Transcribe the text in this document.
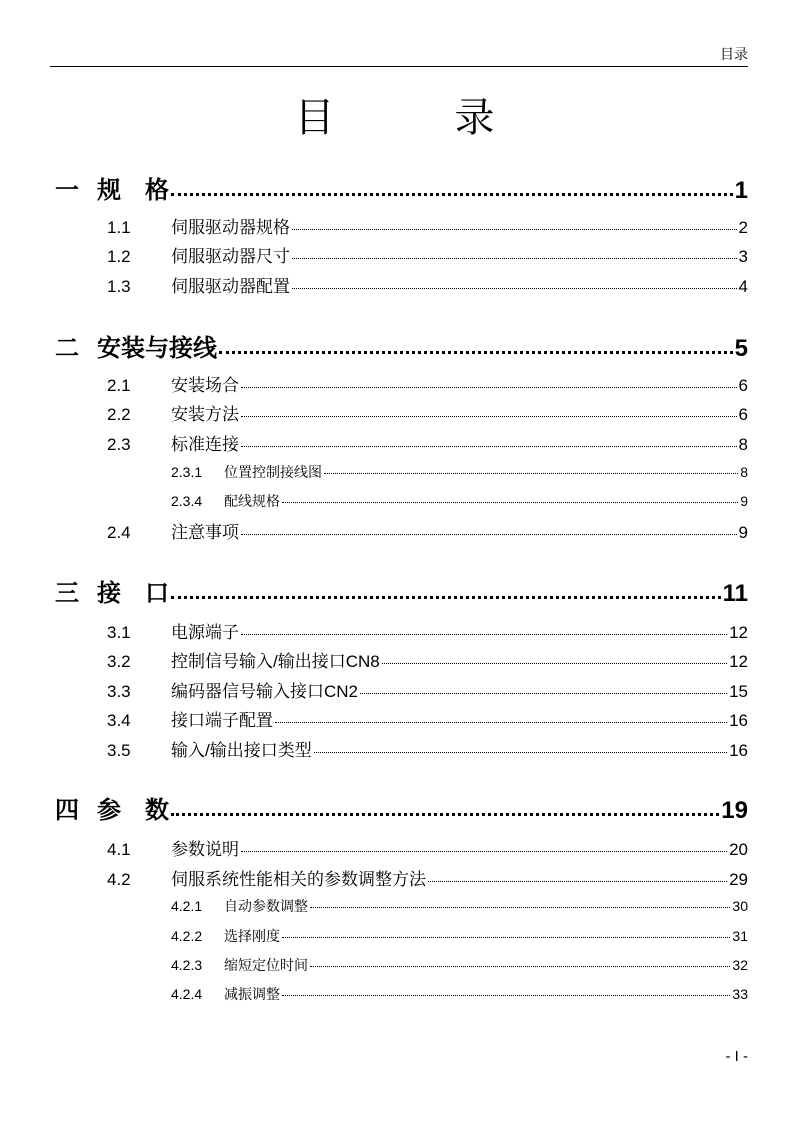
目录
目　录
一 规　格	1
1.1	伺服驱动器规格	2
1.2	伺服驱动器尺寸	3
1.3	伺服驱动器配置	4
二 安装与接线	5
2.1	安装场合	6
2.2	安装方法	6
2.3	标准连接	8
2.3.1	位置控制接线图	8
2.3.4	配线规格	9
2.4	注意事项	9
三 接　口	11
3.1	电源端子	12
3.2	控制信号输入/输出接口CN8	12
3.3	编码器信号输入接口CN2	15
3.4	接口端子配置	16
3.5	输入/输出接口类型	16
四 参　数	19
4.1	参数说明	20
4.2	伺服系统性能相关的参数调整方法	29
4.2.1	自动参数调整	30
4.2.2	选择刚度	31
4.2.3	缩短定位时间	32
4.2.4	减振调整	33
- I -
